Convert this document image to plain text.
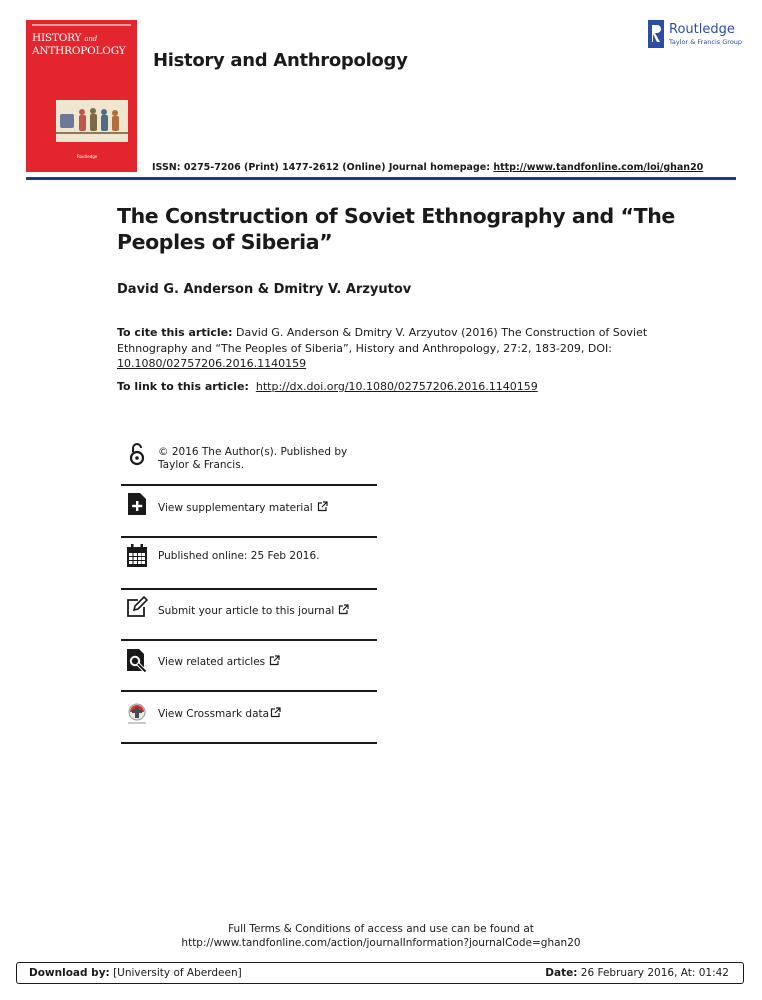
HISTORY and
ANTHROPOLOGY
Routledge
History and Anthropology
Routledge
Taylor & Francis Group
ISSN: 0275-7206 (Print) 1477-2612 (Online) Journal homepage: http://www.tandfonline.com/loi/ghan20
The Construction of Soviet Ethnography and “The
Peoples of Siberia”
David G. Anderson & Dmitry V. Arzyutov
To cite this article: David G. Anderson & Dmitry V. Arzyutov (2016) The Construction of Soviet Ethnography and “The Peoples of Siberia”, History and Anthropology, 27:2, 183-209, DOI: 10.1080/02757206.2016.1140159
To link to this article: http://dx.doi.org/10.1080/02757206.2016.1140159
© 2016 The Author(s). Published by Taylor & Francis.
View supplementary material
Published online: 25 Feb 2016.
Submit your article to this journal
View related articles
View Crossmark data
Full Terms & Conditions of access and use can be found at
http://www.tandfonline.com/action/journalInformation?journalCode=ghan20
Download by: [University of Aberdeen]	Date: 26 February 2016, At: 01:42
